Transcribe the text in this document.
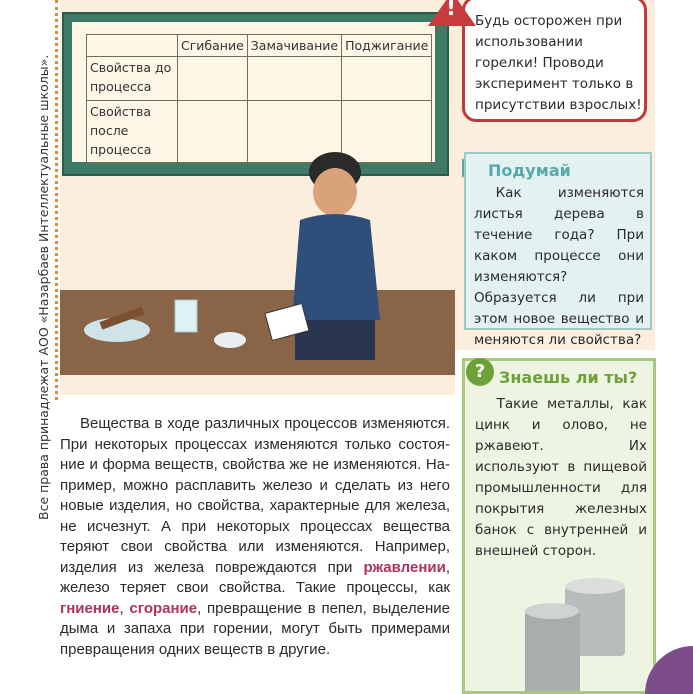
Все права принадлежат АОО «Назарбаев Интеллектуальные школы».
	Сгибание	Замачивание	Поджигание
Свойства до процесса			
Свойства после процесса			
Будь осторожен при использовании горелки! Проводи эксперимент только в присутствии взрослых!
!
Подумай

Как изменяются листья дерева в течение года? При каком процессе они изменяются? Образуется ли при этом новое вещество и меняются ли свойства?

Знаешь ли ты?

Такие металлы, как цинк и олово, не ржавеют. Их используют в пищевой промышленности для покрытия железных банок с внутренней и внешней сторон.

?
Вещества в ходе различных процессов изменяются.
При некоторых процессах изменяются только состоя-
ние и форма веществ, свойства же не изменяются. На-
пример, можно расплавить железо и сделать из него
новые изделия, но свойства, характерные для железа,
не исчезнут. А при некоторых процессах вещества
теряют свои свойства или изменяются. Например,
изделия из железа повреждаются при ржавлении,
железо теряет свои свойства. Такие процессы, как
гниение, сгорание, превращение в пепел, выделение
дыма и запаха при горении, могут быть примерами
превращения одних веществ в другие.
